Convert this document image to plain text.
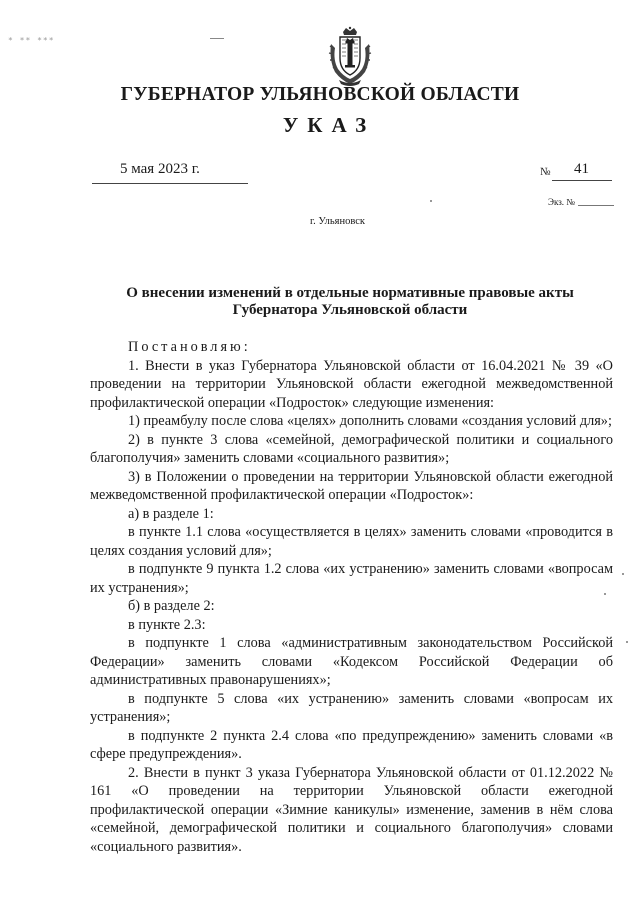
* ** ***
ГУБЕРНАТОР УЛЬЯНОВСКОЙ ОБЛАСТИ
УКАЗ
5 мая 2023 г.	№ 41
Экз. №
г. Ульяновск
О внесении изменений в отдельные нормативные правовые акты
Губернатора Ульяновской области

Постановляю:

1. Внести в указ Губернатора Ульяновской области от 16.04.2021 № 39 «О проведении на территории Ульяновской области ежегодной межведомственной профилактической операции «Подросток» следующие изменения:

1) преамбулу после слова «целях» дополнить словами «создания условий для»;

2) в пункте 3 слова «семейной, демографической политики и социального благополучия» заменить словами «социального развития»;

3) в Положении о проведении на территории Ульяновской области ежегодной межведомственной профилактической операции «Подросток»:

а) в разделе 1:

в пункте 1.1 слова «осуществляется в целях» заменить словами «проводится в целях создания условий для»;

в подпункте 9 пункта 1.2 слова «их устранению» заменить словами «вопросам их устранения»;

б) в разделе 2:

в пункте 2.3:

в подпункте 1 слова «административным законодательством Российской Федерации» заменить словами «Кодексом Российской Федерации об административных правонарушениях»;

в подпункте 5 слова «их устранению» заменить словами «вопросам их устранения»;

в подпункте 2 пункта 2.4 слова «по предупреждению» заменить словами «в сфере предупреждения».

2. Внести в пункт 3 указа Губернатора Ульяновской области от 01.12.2022 № 161 «О проведении на территории Ульяновской области ежегодной профилактической операции «Зимние каникулы» изменение, заменив в нём слова «семейной, демографической политики и социального благополучия» словами «социального развития».
